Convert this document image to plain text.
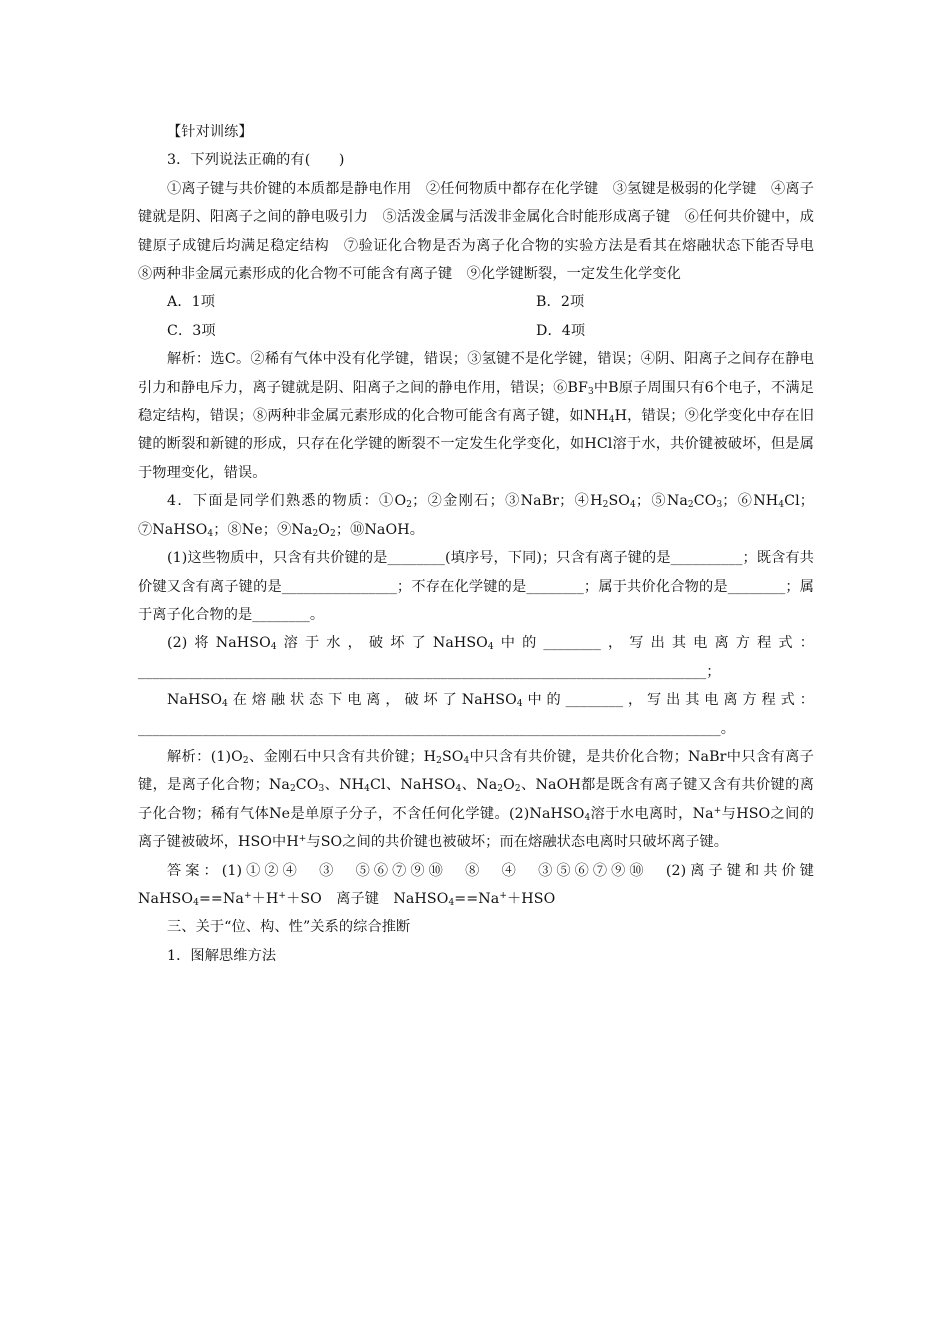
【针对训练】

3．下列说法正确的有(　　)

①离子键与共价键的本质都是静电作用　②任何物质中都存在化学键　③氢键是极弱的化学键　④离子键就是阴、阳离子之间的静电吸引力　⑤活泼金属与活泼非金属化合时能形成离子键　⑥任何共价键中，成键原子成键后均满足稳定结构　⑦验证化合物是否为离子化合物的实验方法是看其在熔融状态下能否导电　⑧两种非金属元素形成的化合物不可能含有离子键　⑨化学键断裂，一定发生化学变化

A．1项	B．2项
C．3项	D．4项

解析：选C。②稀有气体中没有化学键，错误；③氢键不是化学键，错误；④阴、阳离子之间存在静电引力和静电斥力，离子键就是阴、阳离子之间的静电作用，错误；$⑥BF_3$中B原子周围只有6个电子，不满足稳定结构，错误；⑧两种非金属元素形成的化合物可能含有离子键，如$NH_4H$，错误；⑨化学变化中存在旧键的断裂和新键的形成，只存在化学键的断裂不一定发生化学变化，如HCl溶于水，共价键被破坏，但是属于物理变化，错误。

4．下面是同学们熟悉的物质：$①O_2$；②金刚石；③NaBr；$④H_2SO_4$；$⑤Na_2CO_3$；$⑥NH_4Cl$；⑦NaHSO$_4$；⑧Ne；$⑨Na_2O_2$；⑩NaOH。

(1)这些物质中，只含有共价键的是________(填序号，下同)；只含有离子键的是__________；既含有共价键又含有离子键的是________________；不存在化学键的是________；属于共价化合物的是________；属于离子化合物的是________。

(2)将NaHSO$_4$溶于水，破坏了NaHSO$_4$中的________，写出其电离方程式：_______________________________________________________________________________；

NaHSO$_4$在熔融状态下电离，破坏了NaHSO$_4$中的________，写出其电离方程式：_________________________________________________________________________________。

解析：$(1)O_2$、金刚石中只含有共价键；$H_2SO_4$中只含有共价键，是共价化合物；NaBr中只含有离子键，是离子化合物；$Na_2CO_3$、$NH_4Cl$、NaHSO$_4$、$Na_2O_2$、NaOH都是既含有离子键又含有共价键的离子化合物；稀有气体Ne是单原子分子，不含任何化学键。(2)NaHSO$_4$溶于水电离时，Na+与HSO之间的离子键被破坏，HSO中H+与SO之间的共价键也被破坏；而在熔融状态电离时只破坏离子键。

答案：(1)①②④　③　⑤⑥⑦⑨⑩　⑧　④　③⑤⑥⑦⑨⑩　(2)离子键和共价键　NaHSO$_4$==Na+＋H+＋SO　离子键　NaHSO$_4$==Na+＋HSO

三、关于“位、构、性”关系的综合推断

1．图解思维方法
